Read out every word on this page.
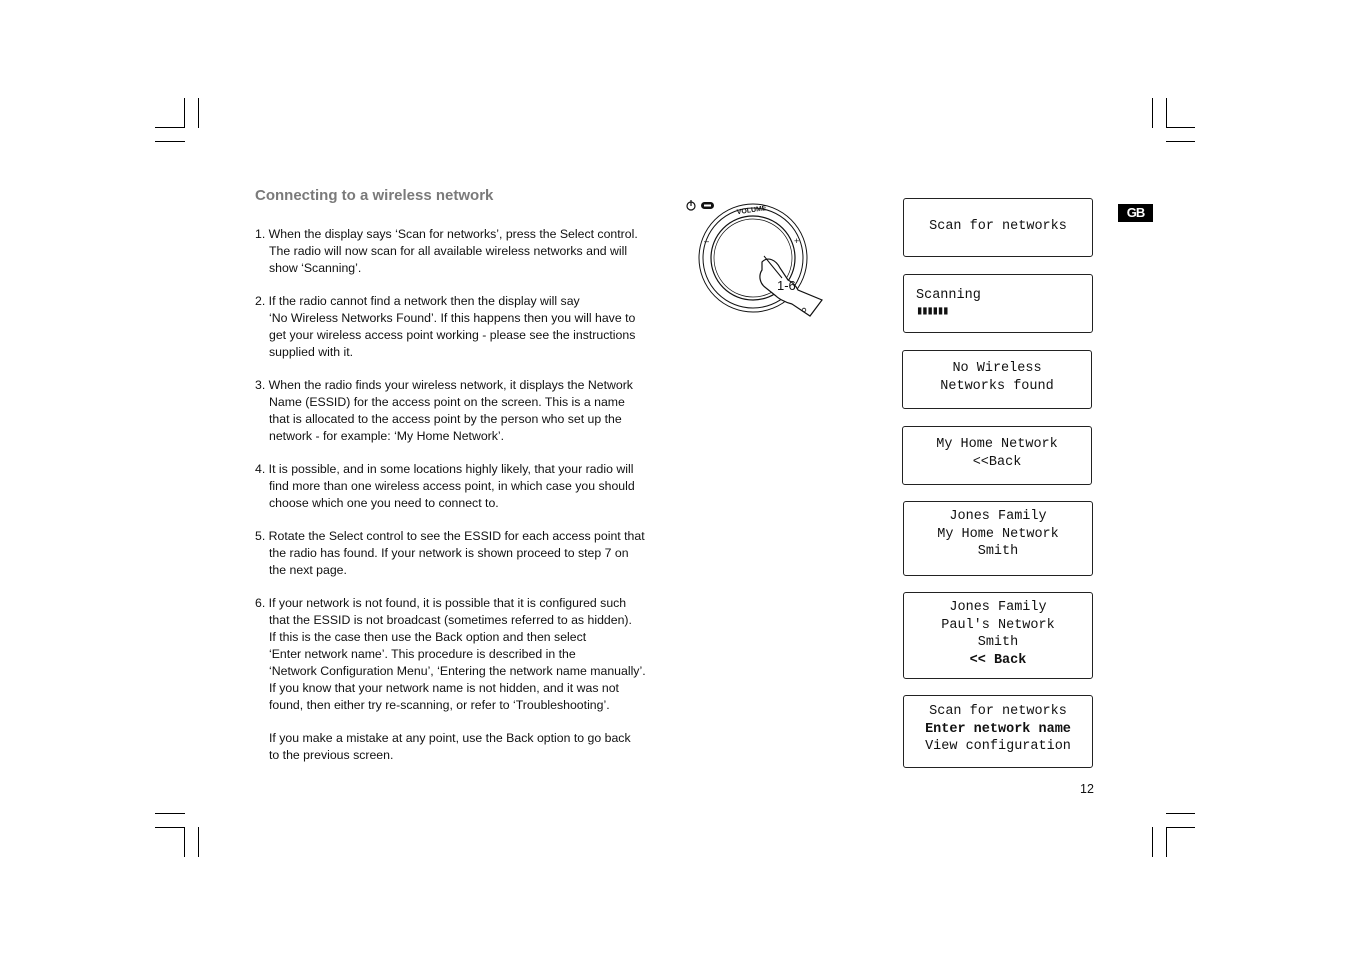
Connecting to a wireless network

1. When the display says ‘Scan for networks’, press the Select control.
The radio will now scan for all available wireless networks and will
show ‘Scanning’.

2. If the radio cannot find a network then the display will say
‘No Wireless Networks Found’. If this happens then you will have to
get your wireless access point working - please see the instructions
supplied with it.

3. When the radio finds your wireless network, it displays the Network
Name (ESSID) for the access point on the screen. This is a name
that is allocated to the access point by the person who set up the
network - for example: ‘My Home Network’.

4. It is possible, and in some locations highly likely, that your radio will
find more than one wireless access point, in which case you should
choose which one you need to connect to.

5. Rotate the Select control to see the ESSID for each access point that
the radio has found. If your network is shown proceed to step 7 on
the next page.

6. If your network is not found, it is possible that it is configured such
that the ESSID is not broadcast (sometimes referred to as hidden).
If this is the case then use the Back option and then select
‘Enter network name’. This procedure is described in the
‘Network Configuration Menu’, ‘Entering the network name manually’.
If you know that your network name is not hidden, and it was not
found, then either try re-scanning, or refer to ‘Troubleshooting’.

If you make a mistake at any point, use the Back option to go back
to the previous screen.

VOLUME
–	+
1-6
Scan for networks
Scanning
▮▮▮▮▮▮
No Wireless
Networks found
My Home Network
<<Back
Jones Family
My Home Network
Smith
Jones Family
Paul's Network
Smith
<< Back
Scan for networks
Enter network name
View configuration
GB
12
